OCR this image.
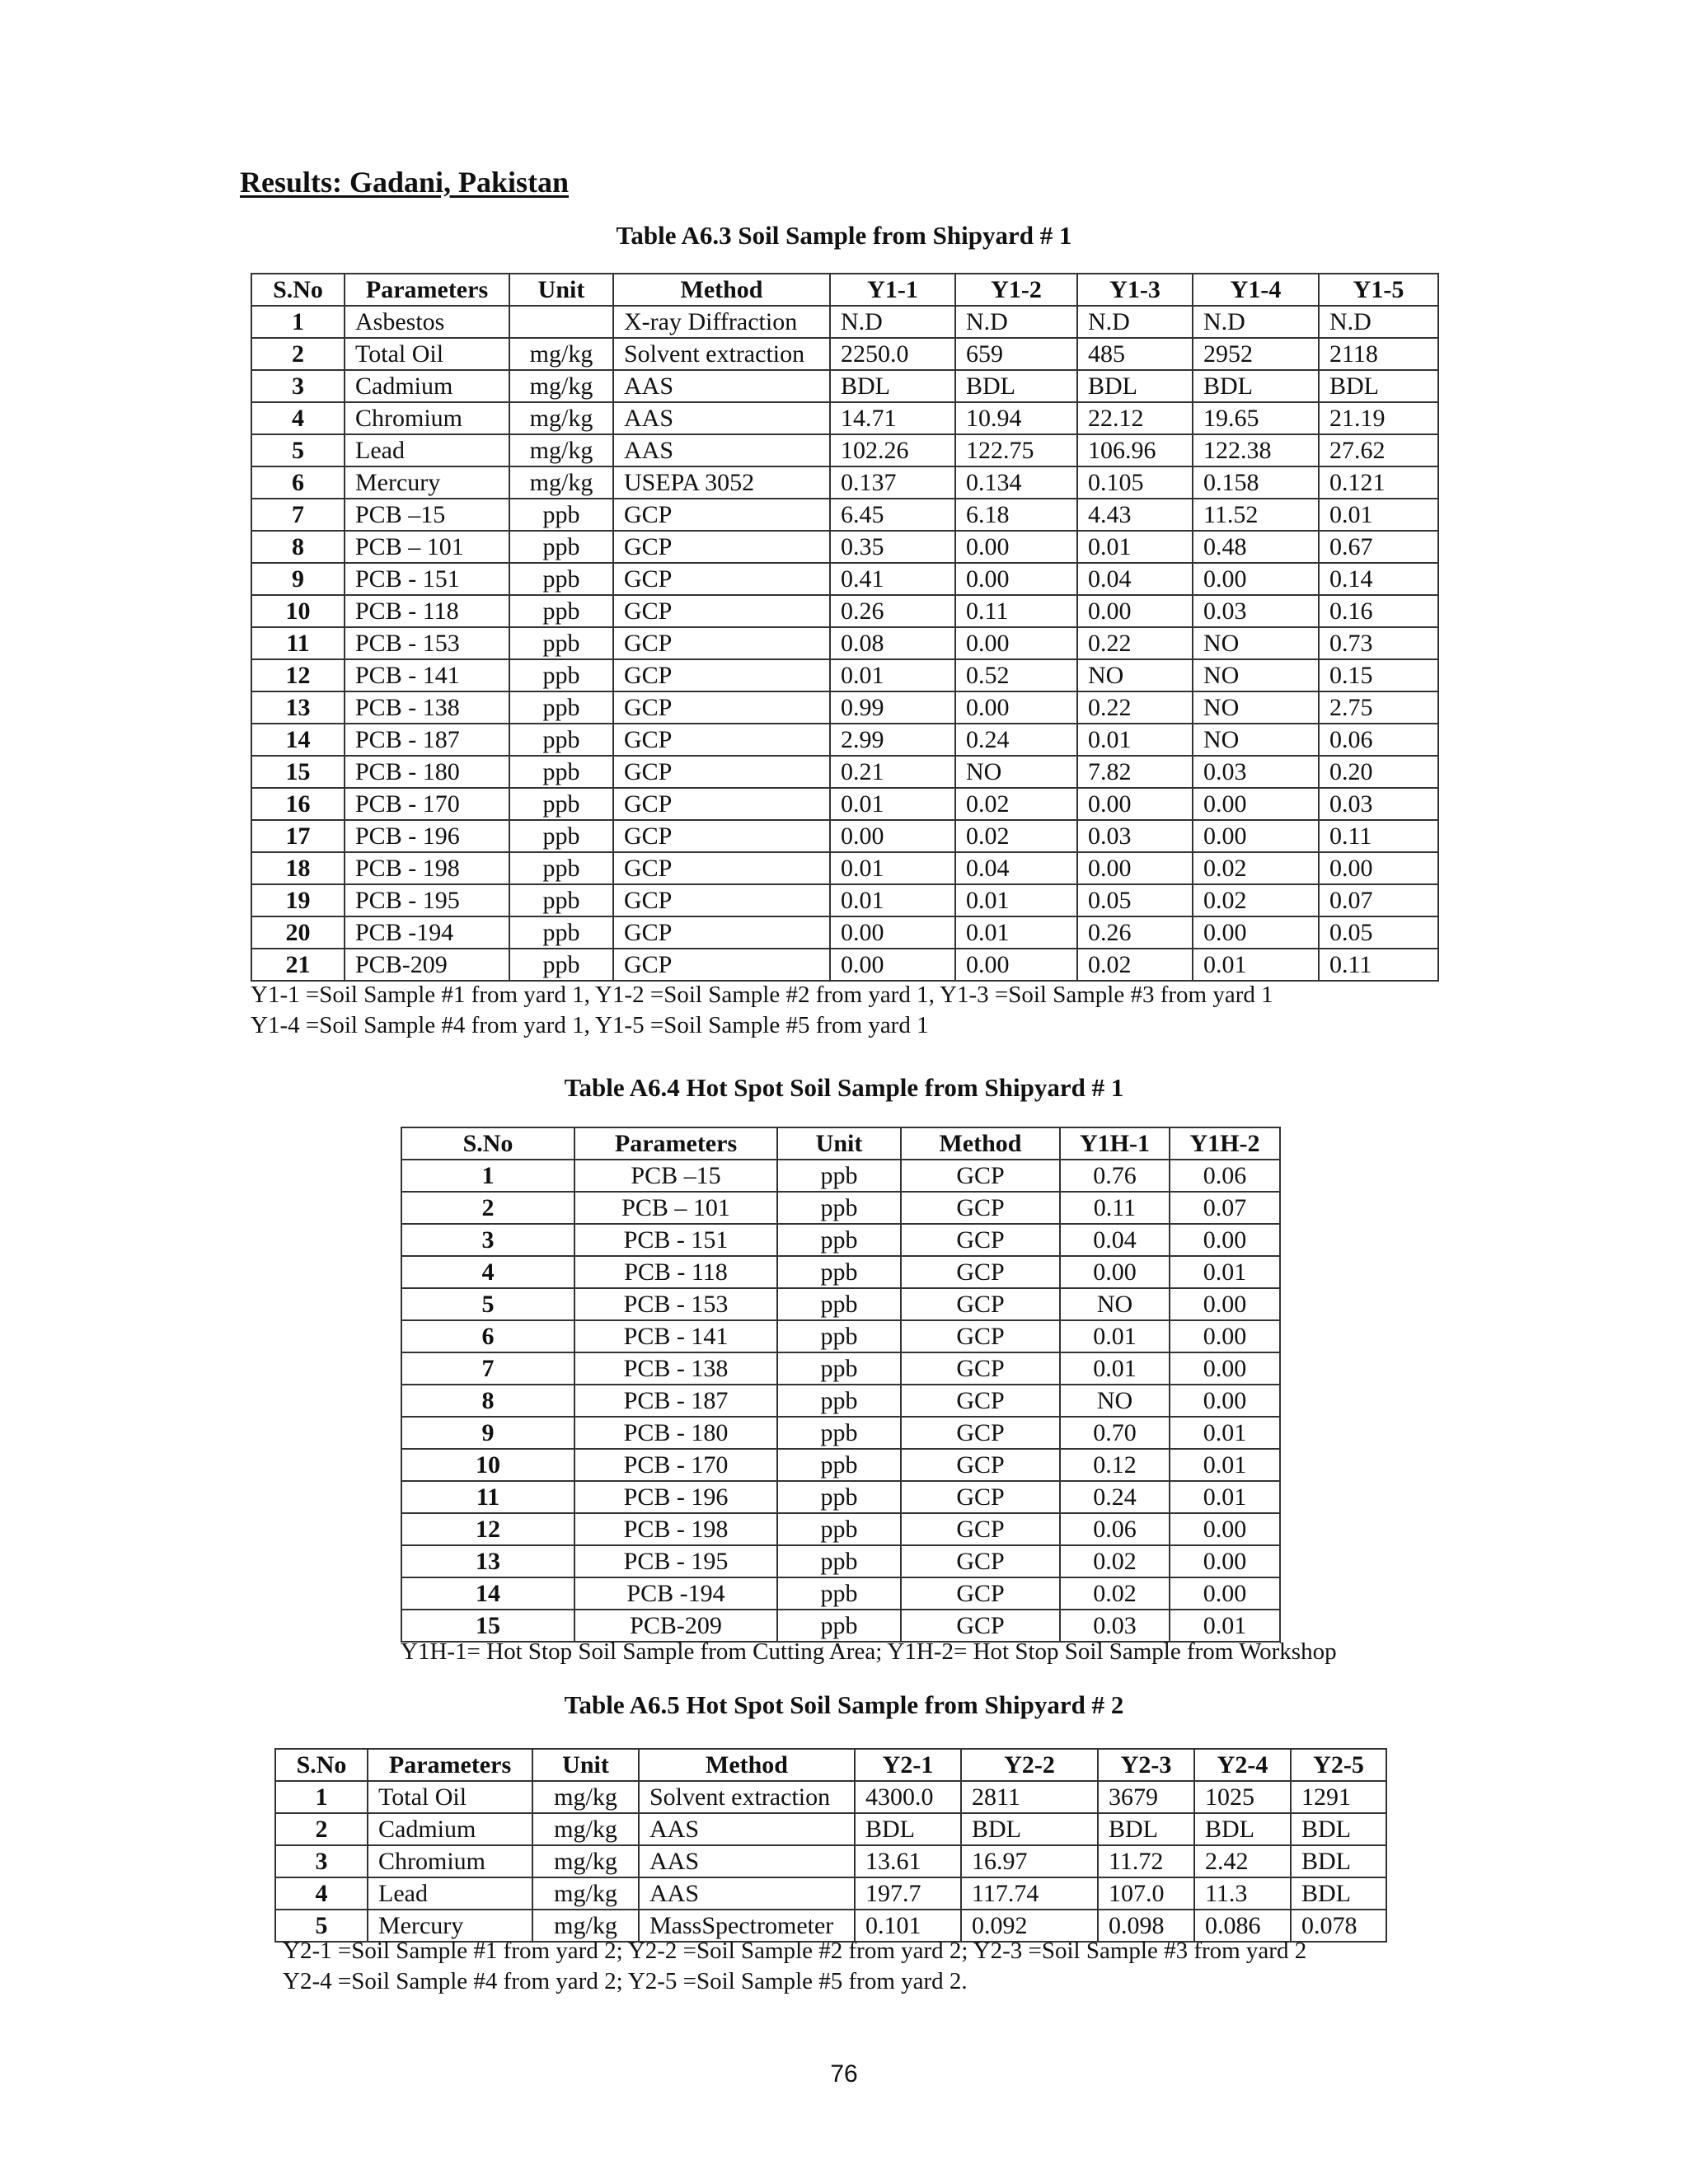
Results: Gadani, Pakistan
Table A6.3 Soil Sample from Shipyard # 1
S.No	Parameters	Unit	Method	Y1-1	Y1-2	Y1-3	Y1-4	Y1-5
1	Asbestos		X-ray Diffraction	N.D	N.D	N.D	N.D	N.D
2	Total Oil	mg/kg	Solvent extraction	2250.0	659	485	2952	2118
3	Cadmium	mg/kg	AAS	BDL	BDL	BDL	BDL	BDL
4	Chromium	mg/kg	AAS	14.71	10.94	22.12	19.65	21.19
5	Lead	mg/kg	AAS	102.26	122.75	106.96	122.38	27.62
6	Mercury	mg/kg	USEPA 3052	0.137	0.134	0.105	0.158	0.121
7	PCB –15	ppb	GCP	6.45	6.18	4.43	11.52	0.01
8	PCB – 101	ppb	GCP	0.35	0.00	0.01	0.48	0.67
9	PCB - 151	ppb	GCP	0.41	0.00	0.04	0.00	0.14
10	PCB - 118	ppb	GCP	0.26	0.11	0.00	0.03	0.16
11	PCB - 153	ppb	GCP	0.08	0.00	0.22	NO	0.73
12	PCB - 141	ppb	GCP	0.01	0.52	NO	NO	0.15
13	PCB - 138	ppb	GCP	0.99	0.00	0.22	NO	2.75
14	PCB - 187	ppb	GCP	2.99	0.24	0.01	NO	0.06
15	PCB - 180	ppb	GCP	0.21	NO	7.82	0.03	0.20
16	PCB - 170	ppb	GCP	0.01	0.02	0.00	0.00	0.03
17	PCB - 196	ppb	GCP	0.00	0.02	0.03	0.00	0.11
18	PCB - 198	ppb	GCP	0.01	0.04	0.00	0.02	0.00
19	PCB - 195	ppb	GCP	0.01	0.01	0.05	0.02	0.07
20	PCB -194	ppb	GCP	0.00	0.01	0.26	0.00	0.05
21	PCB-209	ppb	GCP	0.00	0.00	0.02	0.01	0.11
Y1-1 =Soil Sample #1 from yard 1, Y1-2 =Soil Sample #2 from yard 1, Y1-3 =Soil Sample #3 from yard 1
Y1-4 =Soil Sample #4 from yard 1, Y1-5 =Soil Sample #5 from yard 1
Table A6.4 Hot Spot Soil Sample from Shipyard # 1
S.No	Parameters	Unit	Method	Y1H-1	Y1H-2
1	PCB –15	ppb	GCP	0.76	0.06
2	PCB – 101	ppb	GCP	0.11	0.07
3	PCB - 151	ppb	GCP	0.04	0.00
4	PCB - 118	ppb	GCP	0.00	0.01
5	PCB - 153	ppb	GCP	NO	0.00
6	PCB - 141	ppb	GCP	0.01	0.00
7	PCB - 138	ppb	GCP	0.01	0.00
8	PCB - 187	ppb	GCP	NO	0.00
9	PCB - 180	ppb	GCP	0.70	0.01
10	PCB - 170	ppb	GCP	0.12	0.01
11	PCB - 196	ppb	GCP	0.24	0.01
12	PCB - 198	ppb	GCP	0.06	0.00
13	PCB - 195	ppb	GCP	0.02	0.00
14	PCB -194	ppb	GCP	0.02	0.00
15	PCB-209	ppb	GCP	0.03	0.01
Y1H-1= Hot Stop Soil Sample from Cutting Area; Y1H-2= Hot Stop Soil Sample from Workshop
Table A6.5 Hot Spot Soil Sample from Shipyard # 2
S.No	Parameters	Unit	Method	Y2-1	Y2-2	Y2-3	Y2-4	Y2-5
1	Total Oil	mg/kg	Solvent extraction	4300.0	2811	3679	1025	1291
2	Cadmium	mg/kg	AAS	BDL	BDL	BDL	BDL	BDL
3	Chromium	mg/kg	AAS	13.61	16.97	11.72	2.42	BDL
4	Lead	mg/kg	AAS	197.7	117.74	107.0	11.3	BDL
5	Mercury	mg/kg	MassSpectrometer	0.101	0.092	0.098	0.086	0.078
Y2-1 =Soil Sample #1 from yard 2; Y2-2 =Soil Sample #2 from yard 2; Y2-3 =Soil Sample #3 from yard 2
Y2-4 =Soil Sample #4 from yard 2; Y2-5 =Soil Sample #5 from yard 2.
76
